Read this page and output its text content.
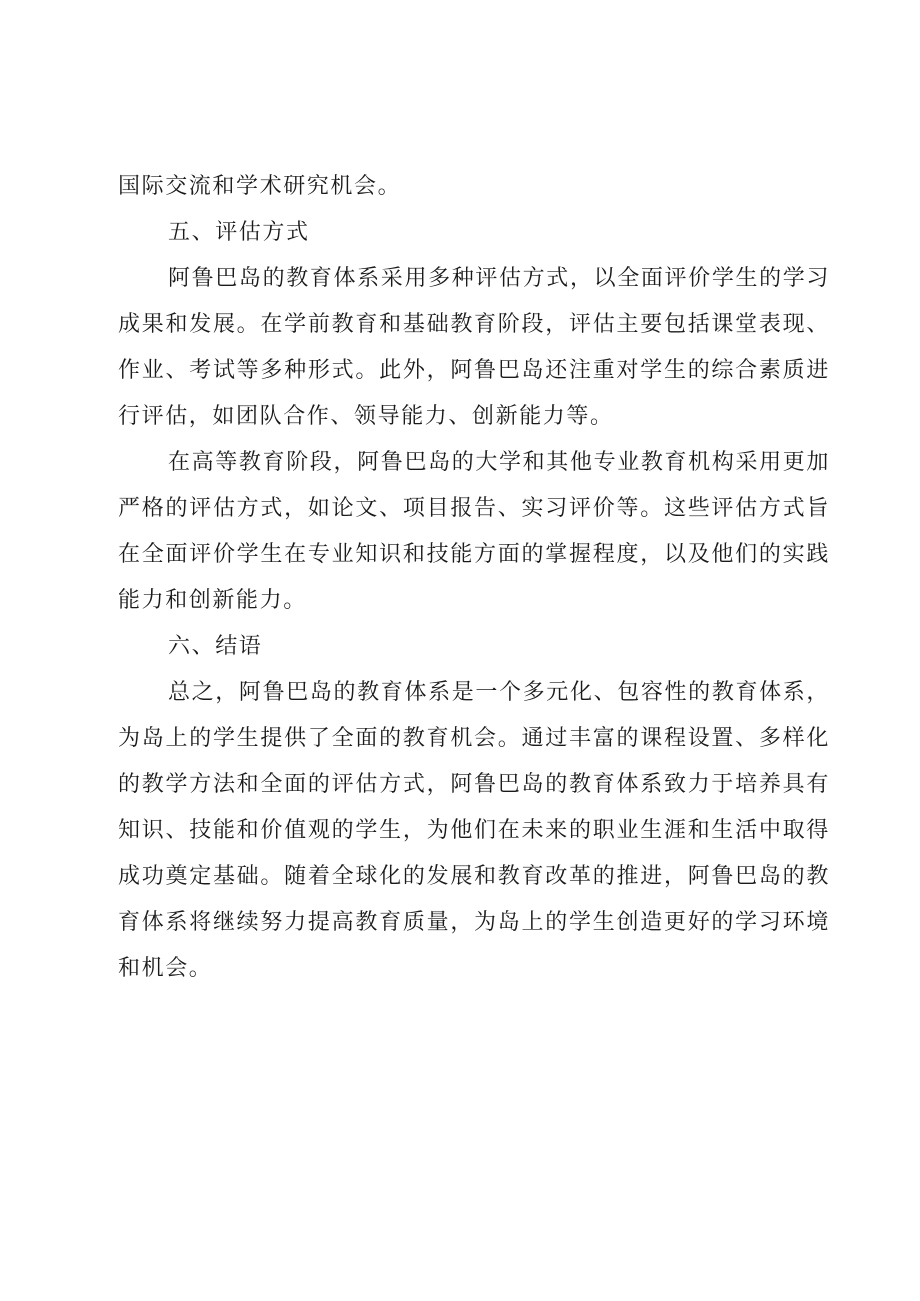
国际交流和学术研究机会。

五、评估方式

阿鲁巴岛的教育体系采用多种评估方式，以全面评价学生的学习成果和发展。在学前教育和基础教育阶段，评估主要包括课堂表现、作业、考试等多种形式。此外，阿鲁巴岛还注重对学生的综合素质进行评估，如团队合作、领导能力、创新能力等。

在高等教育阶段，阿鲁巴岛的大学和其他专业教育机构采用更加严格的评估方式，如论文、项目报告、实习评价等。这些评估方式旨在全面评价学生在专业知识和技能方面的掌握程度，以及他们的实践能力和创新能力。

六、结语

总之，阿鲁巴岛的教育体系是一个多元化、包容性的教育体系，为岛上的学生提供了全面的教育机会。通过丰富的课程设置、多样化的教学方法和全面的评估方式，阿鲁巴岛的教育体系致力于培养具有知识、技能和价值观的学生，为他们在未来的职业生涯和生活中取得成功奠定基础。随着全球化的发展和教育改革的推进，阿鲁巴岛的教育体系将继续努力提高教育质量，为岛上的学生创造更好的学习环境和机会。
